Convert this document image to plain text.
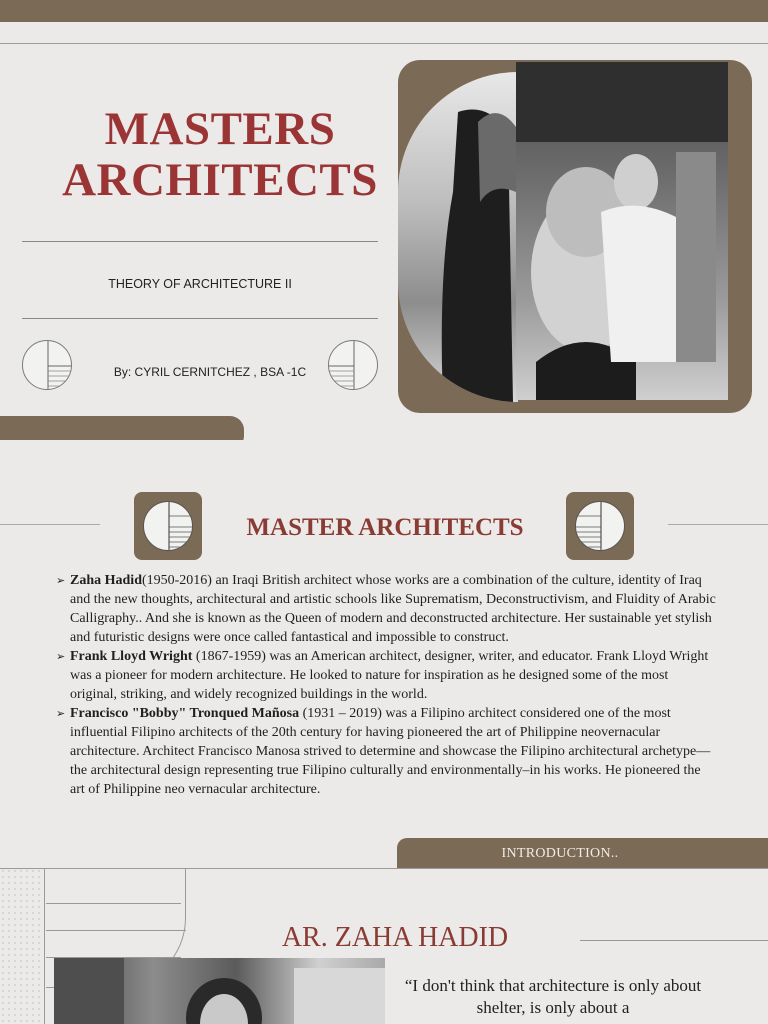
MASTERS
ARCHITECTS
THEORY OF ARCHITECTURE II
By: CYRIL CERNITCHEZ , BSA -1C
MASTER ARCHITECTS
➢ Zaha Hadid(1950-2016) an Iraqi British architect whose works are a combination of the culture, identity of Iraq and the new thoughts, architectural and artistic schools like Suprematism, Deconstructivism, and Fluidity of Arabic Calligraphy.. And she is known as the Queen of modern and deconstructed architecture. Her sustainable yet stylish and futuristic designs were once called fantastical and impossible to construct.
➢ Frank Lloyd Wright (1867-1959) was an American architect, designer, writer, and educator. Frank Lloyd Wright was a pioneer for modern architecture. He looked to nature for inspiration as he designed some of the most original, striking, and widely recognized buildings in the world.
➢ Francisco "Bobby" Tronqued Mañosa (1931 – 2019) was a Filipino architect considered one of the most influential Filipino architects of the 20th century for having pioneered the art of Philippine neovernacular architecture. Architect Francisco Manosa strived to determine and showcase the Filipino architectural archetype—the architectural design representing true Filipino culturally and environmentally–in his works. He pioneered the art of Philippine neo vernacular architecture.
INTRODUCTION..
AR. ZAHA HADID
“I don't think that architecture is only about shelter, is only about a
